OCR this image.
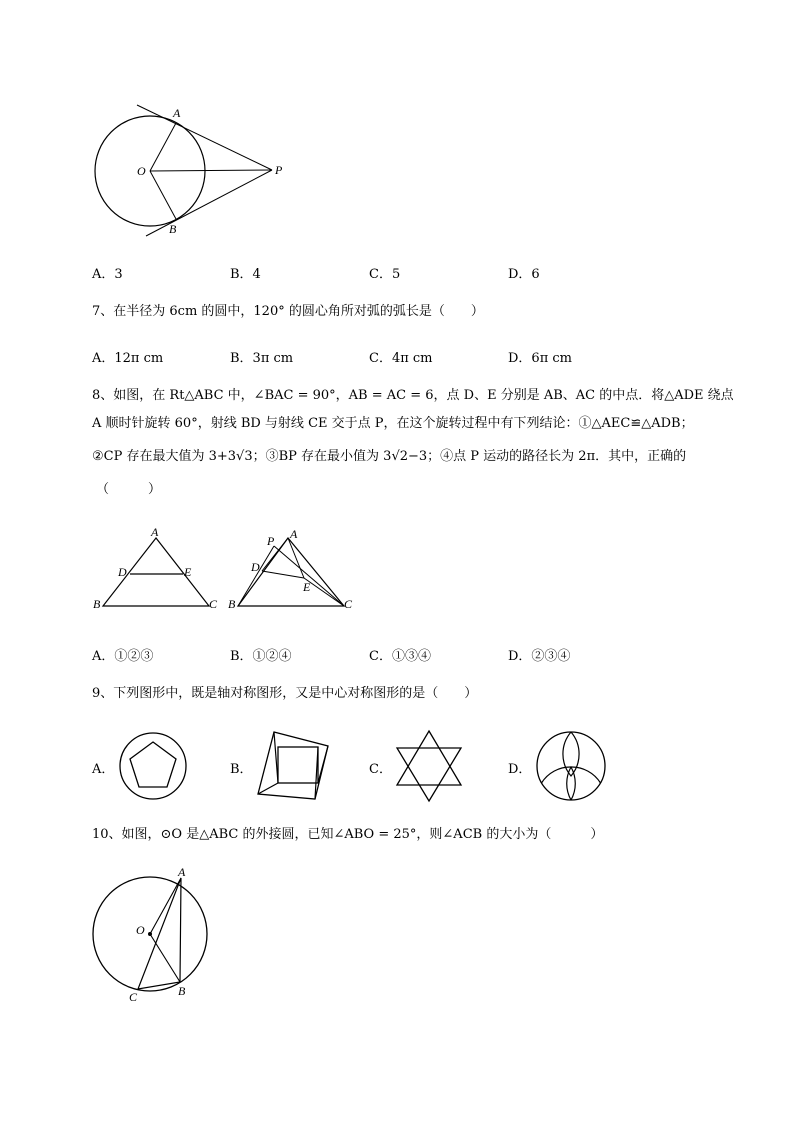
A
B
O	P
A．3	B．4	C．5	D．6
7、在半径为 6cm 的圆中，120° 的圆心角所对弧的弧长是（　　）
A．12π cm	B．3π cm	C．4π cm	D．6π cm
8、如图，在 Rt△ABC 中，∠BAC = 90°，AB = AC = 6，点 D、E 分别是 AB、AC 的中点．将△ADE 绕点
A 顺时针旋转 60°，射线 BD 与射线 CE 交于点 P，在这个旋转过程中有下列结论：①△AEC≌△ADB；
②CP 存在最大值为 3+3√3；③BP 存在最小值为 3√2−3；④点 P 运动的路径长为 2π．其中，正确的
（　　　）
A
B	C
D	E
A
P
B	C
D
E
A．①②③	B．①②④	C．①③④	D．②③④
9、下列图形中，既是轴对称图形，又是中心对称图形的是（　　）
A．	B．	C．	D．
10、如图，⊙O 是△ABC 的外接圆，已知∠ABO = 25°，则∠ACB 的大小为（　　　）
A
B
C
O
